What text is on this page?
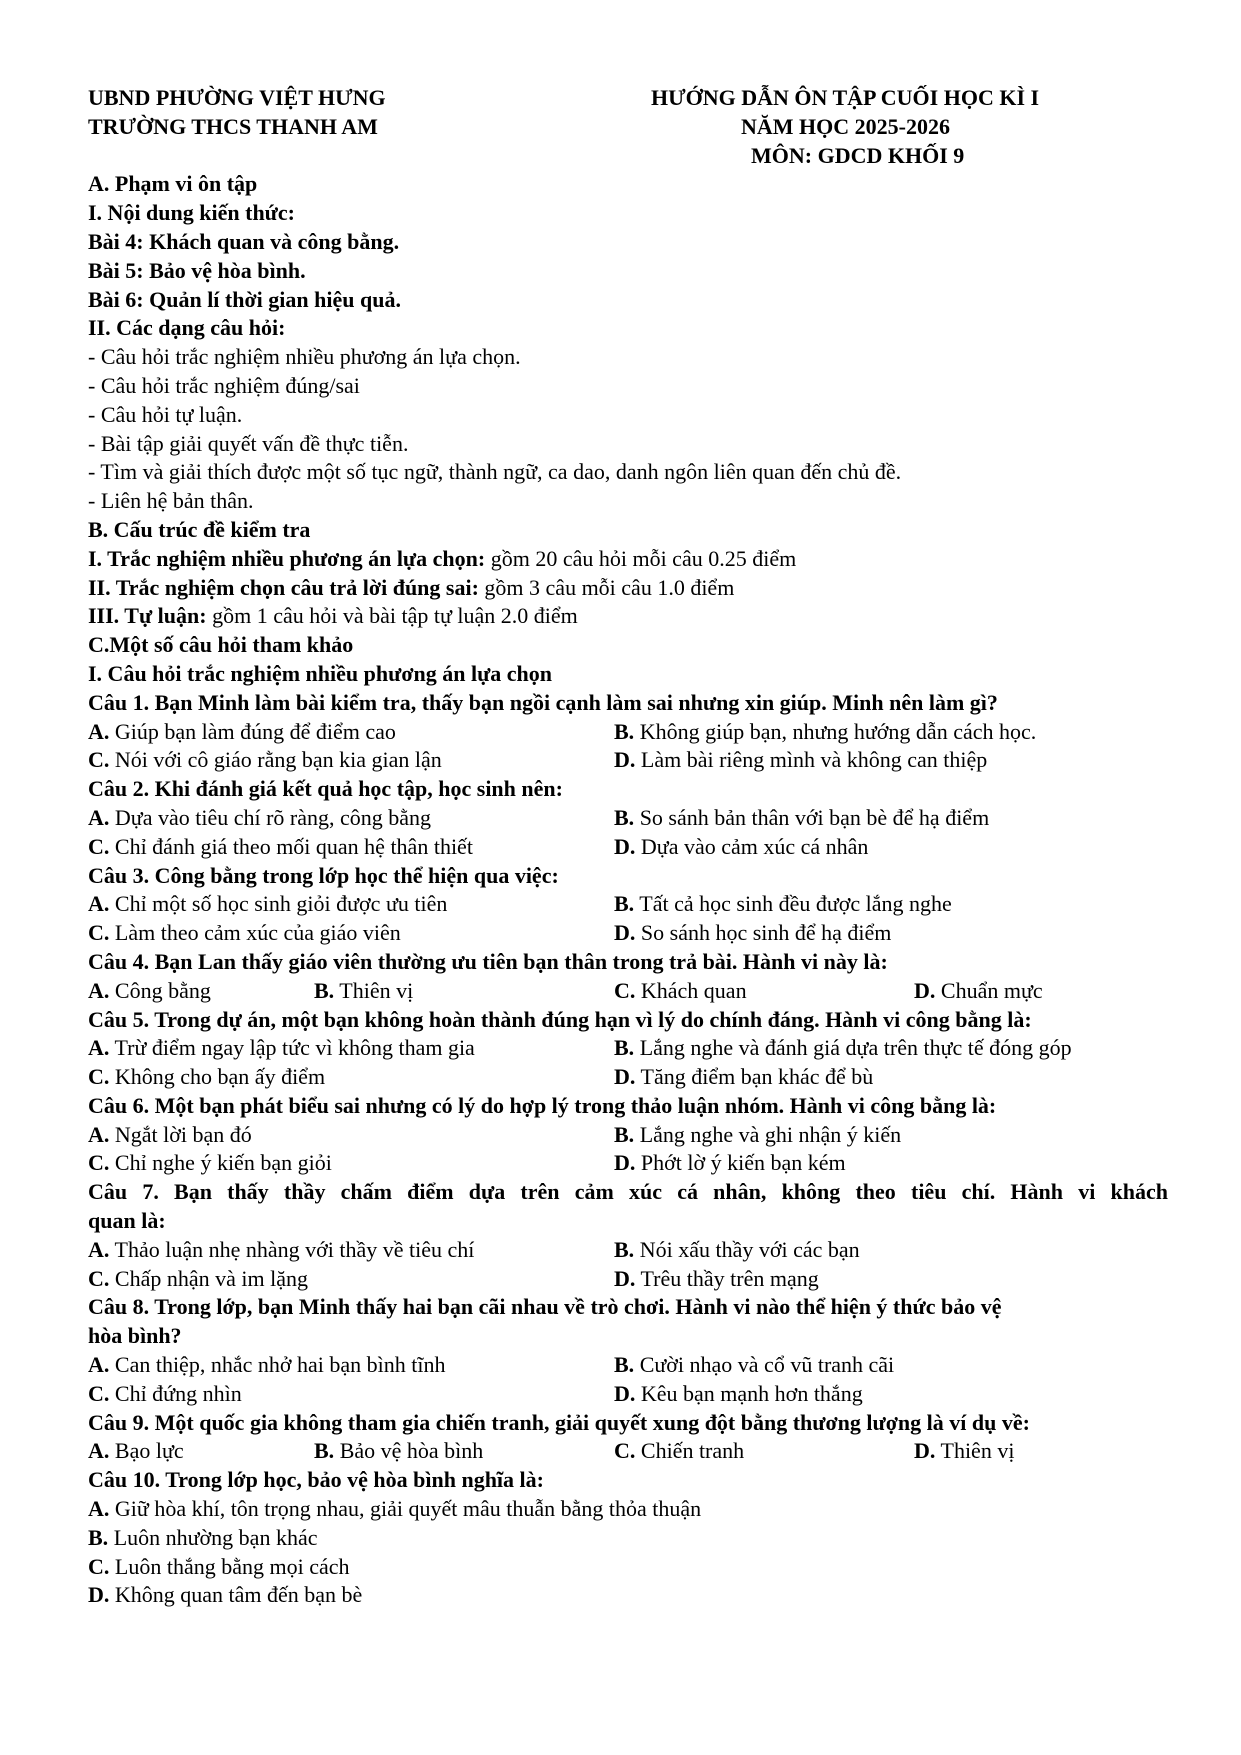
UBND PHƯỜNG VIỆT HƯNG
TRƯỜNG THCS THANH AM
HƯỚNG DẪN ÔN TẬP CUỐI HỌC KÌ I
NĂM HỌC 2025-2026
MÔN: GDCD KHỐI 9
A. Phạm vi ôn tập
I. Nội dung kiến thức:
Bài 4: Khách quan và công bằng.
Bài 5: Bảo vệ hòa bình.
Bài 6: Quản lí thời gian hiệu quả.
II. Các dạng câu hỏi:
- Câu hỏi trắc nghiệm nhiều phương án lựa chọn.
- Câu hỏi trắc nghiệm đúng/sai
- Câu hỏi tự luận.
- Bài tập giải quyết vấn đề thực tiễn.
- Tìm và giải thích được một số tục ngữ, thành ngữ, ca dao, danh ngôn liên quan đến chủ đề.
- Liên hệ bản thân.
B. Cấu trúc đề kiểm tra
I. Trắc nghiệm nhiều phương án lựa chọn: gồm 20 câu hỏi mỗi câu 0.25 điểm
II. Trắc nghiệm chọn câu trả lời đúng sai: gồm 3 câu mỗi câu 1.0 điểm
III. Tự luận: gồm 1 câu hỏi và bài tập tự luận 2.0 điểm
C.Một số câu hỏi tham khảo
I. Câu hỏi trắc nghiệm nhiều phương án lựa chọn
Câu 1. Bạn Minh làm bài kiểm tra, thấy bạn ngồi cạnh làm sai nhưng xin giúp. Minh nên làm gì?
A. Giúp bạn làm đúng để điểm cao	B. Không giúp bạn, nhưng hướng dẫn cách học.
C. Nói với cô giáo rằng bạn kia gian lận	D. Làm bài riêng mình và không can thiệp
Câu 2. Khi đánh giá kết quả học tập, học sinh nên:
A. Dựa vào tiêu chí rõ ràng, công bằng	B. So sánh bản thân với bạn bè để hạ điểm
C. Chỉ đánh giá theo mối quan hệ thân thiết	D. Dựa vào cảm xúc cá nhân
Câu 3. Công bằng trong lớp học thể hiện qua việc:
A. Chỉ một số học sinh giỏi được ưu tiên	B. Tất cả học sinh đều được lắng nghe
C. Làm theo cảm xúc của giáo viên	D. So sánh học sinh để hạ điểm
Câu 4. Bạn Lan thấy giáo viên thường ưu tiên bạn thân trong trả bài. Hành vi này là:
A. Công bằng	B. Thiên vị	C. Khách quan	D. Chuẩn mực
Câu 5. Trong dự án, một bạn không hoàn thành đúng hạn vì lý do chính đáng. Hành vi công bằng là:
A. Trừ điểm ngay lập tức vì không tham gia	B. Lắng nghe và đánh giá dựa trên thực tế đóng góp
C. Không cho bạn ấy điểm	D. Tăng điểm bạn khác để bù
Câu 6. Một bạn phát biểu sai nhưng có lý do hợp lý trong thảo luận nhóm. Hành vi công bằng là:
A. Ngắt lời bạn đó	B. Lắng nghe và ghi nhận ý kiến
C. Chỉ nghe ý kiến bạn giỏi	D. Phớt lờ ý kiến bạn kém
Câu 7. Bạn thấy thầy chấm điểm dựa trên cảm xúc cá nhân, không theo tiêu chí. Hành vi khách
quan là:
A. Thảo luận nhẹ nhàng với thầy về tiêu chí	B. Nói xấu thầy với các bạn
C. Chấp nhận và im lặng	D. Trêu thầy trên mạng
Câu 8. Trong lớp, bạn Minh thấy hai bạn cãi nhau về trò chơi. Hành vi nào thể hiện ý thức bảo vệ
hòa bình?
A. Can thiệp, nhắc nhở hai bạn bình tĩnh	B. Cười nhạo và cổ vũ tranh cãi
C. Chỉ đứng nhìn	D. Kêu bạn mạnh hơn thắng
Câu 9. Một quốc gia không tham gia chiến tranh, giải quyết xung đột bằng thương lượng là ví dụ về:
A. Bạo lực	B. Bảo vệ hòa bình	C. Chiến tranh	D. Thiên vị
Câu 10. Trong lớp học, bảo vệ hòa bình nghĩa là:
A. Giữ hòa khí, tôn trọng nhau, giải quyết mâu thuẫn bằng thỏa thuận
B. Luôn nhường bạn khác
C. Luôn thắng bằng mọi cách
D. Không quan tâm đến bạn bè
